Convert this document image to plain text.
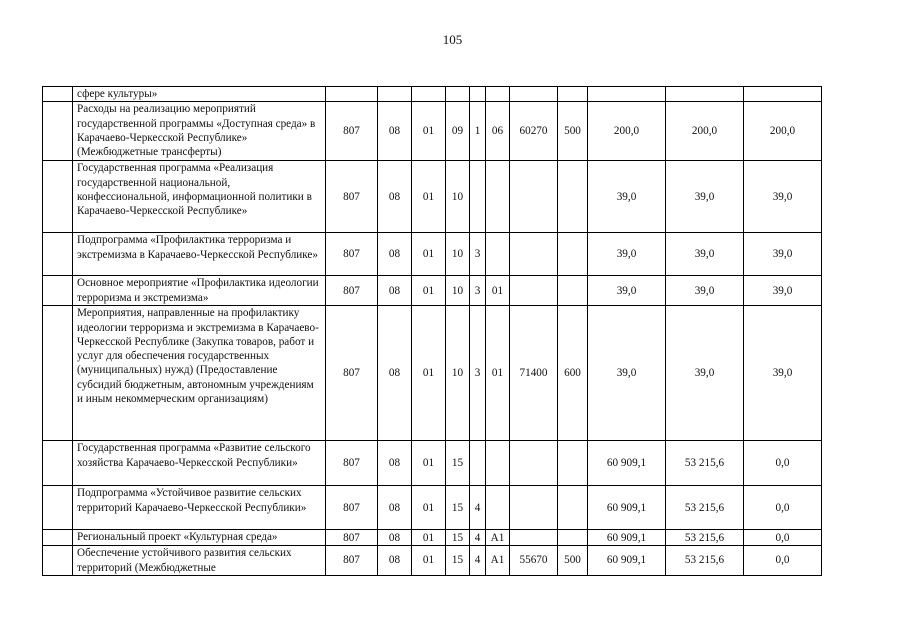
105
	сфере культуры»											
	Расходы на реализацию мероприятий государственной программы «Доступная среда» в Карачаево-Черкесской Республике» (Межбюджетные трансферты)	807	08	01	09	1	06	60270	500	200,0	200,0	200,0
	Государственная программа «Реализация государственной национальной, конфессиональной, информационной политики в Карачаево-Черкесской Республике»	807	08	01	10					39,0	39,0	39,0
	Подпрограмма «Профилактика терроризма и экстремизма в Карачаево-Черкесской Республике»	807	08	01	10	3				39,0	39,0	39,0
	Основное мероприятие «Профилактика идеологии терроризма и экстремизма»	807	08	01	10	3	01			39,0	39,0	39,0
	Мероприятия, направленные на профилактику идеологии терроризма и экстремизма в Карачаево-Черкесской Республике (Закупка товаров, работ и услуг для обеспечения государственных (муниципальных) нужд) (Предоставление субсидий бюджетным, автономным учреждениям и иным некоммерческим организациям)	807	08	01	10	3	01	71400	600	39,0	39,0	39,0
	Государственная программа «Развитие сельского хозяйства Карачаево-Черкесской Республики»	807	08	01	15					60 909,1	53 215,6	0,0
	Подпрограмма «Устойчивое развитие сельских территорий Карачаево-Черкесской Республики»	807	08	01	15	4				60 909,1	53 215,6	0,0
	Региональный проект «Культурная среда»	807	08	01	15	4	A1			60 909,1	53 215,6	0,0
	Обеспечение устойчивого развития сельских территорий (Межбюджетные	807	08	01	15	4	A1	55670	500	60 909,1	53 215,6	0,0
